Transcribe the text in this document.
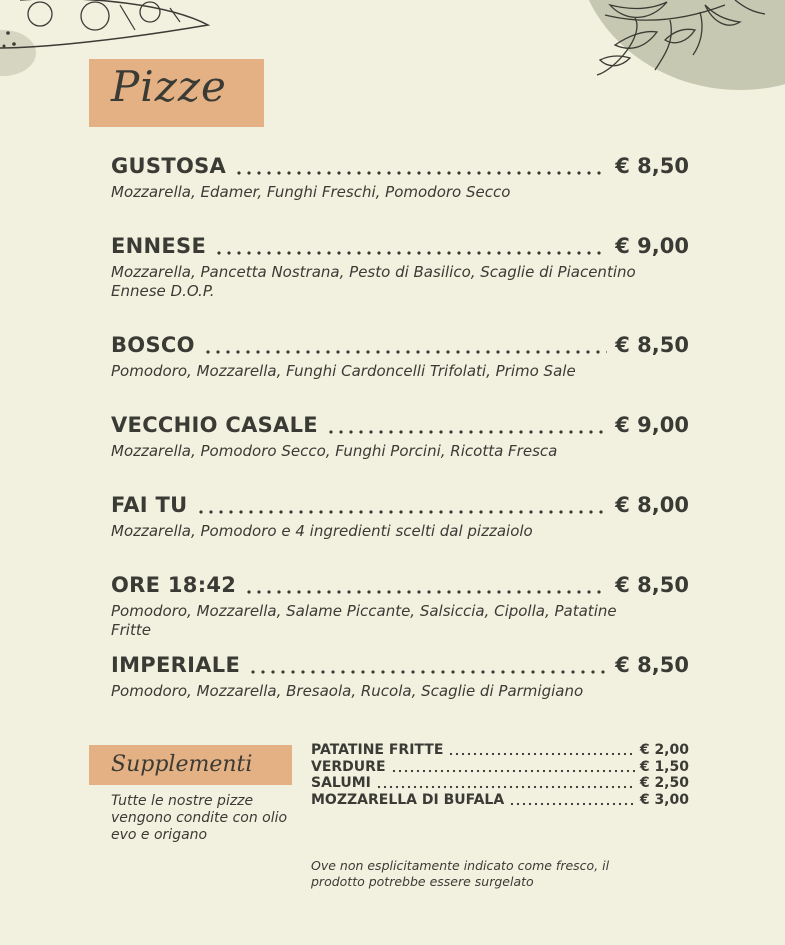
Pizze
GUSTOSA	€ 8,50
Mozzarella, Edamer, Funghi Freschi, Pomodoro Secco
ENNESE	€ 9,00
Mozzarella, Pancetta Nostrana, Pesto di Basilico, Scaglie di Piacentino Ennese D.O.P.
BOSCO	€ 8,50
Pomodoro, Mozzarella, Funghi Cardoncelli Trifolati, Primo Sale
VECCHIO CASALE	€ 9,00
Mozzarella, Pomodoro Secco, Funghi Porcini, Ricotta Fresca
FAI TU	€ 8,00
Mozzarella, Pomodoro e 4 ingredienti scelti dal pizzaiolo
ORE 18:42	€ 8,50
Pomodoro, Mozzarella, Salame Piccante, Salsiccia, Cipolla, Patatine Fritte
IMPERIALE	€ 8,50
Pomodoro, Mozzarella, Bresaola, Rucola, Scaglie di Parmigiano
Supplementi
Tutte le nostre pizze vengono condite con olio evo e origano
PATATINE FRITTE	€ 2,00
VERDURE	€ 1,50
SALUMI	€ 2,50
MOZZARELLA DI BUFALA	€ 3,00
Ove non esplicitamente indicato come fresco, il prodotto potrebbe essere surgelato
